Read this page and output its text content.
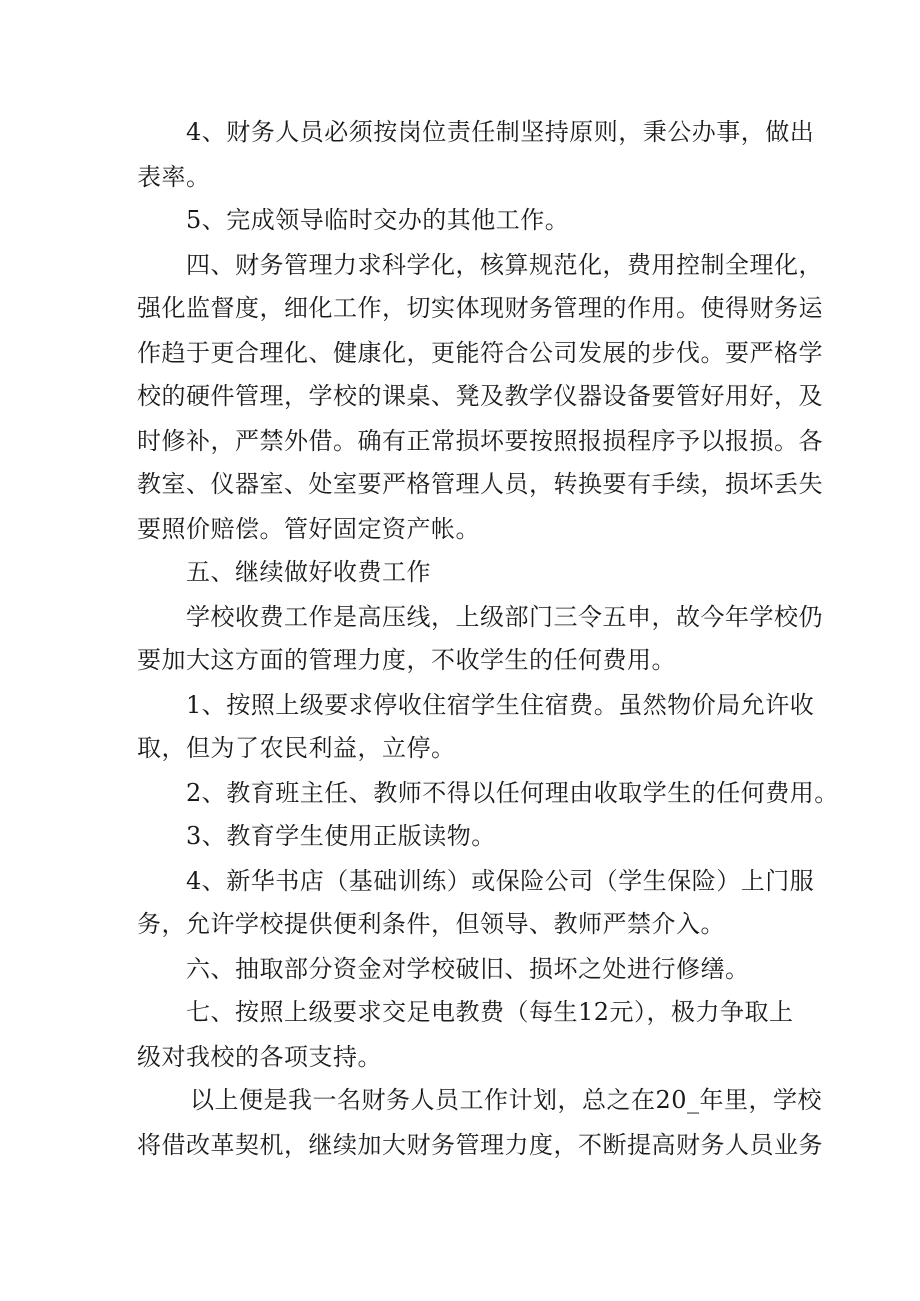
4、财务人员必须按岗位责任制坚持原则，秉公办事，做出
表率。
5、完成领导临时交办的其他工作。
四、财务管理力求科学化，核算规范化，费用控制全理化，
强化监督度，细化工作，切实体现财务管理的作用。使得财务运
作趋于更合理化、健康化，更能符合公司发展的步伐。要严格学
校的硬件管理，学校的课桌、凳及教学仪器设备要管好用好，及
时修补，严禁外借。确有正常损坏要按照报损程序予以报损。各
教室、仪器室、处室要严格管理人员，转换要有手续，损坏丢失
要照价赔偿。管好固定资产帐。
五、继续做好收费工作
学校收费工作是高压线，上级部门三令五申，故今年学校仍
要加大这方面的管理力度，不收学生的任何费用。
1、按照上级要求停收住宿学生住宿费。虽然物价局允许收
取，但为了农民利益，立停。
2、教育班主任、教师不得以任何理由收取学生的任何费用。
3、教育学生使用正版读物。
4、新华书店（基础训练）或保险公司（学生保险）上门服
务，允许学校提供便利条件，但领导、教师严禁介入。
六、抽取部分资金对学校破旧、损坏之处进行修缮。
七、按照上级要求交足电教费（每生12元），极力争取上
级对我校的各项支持。
以上便是我一名财务人员工作计划，总之在20_年里，学校
将借改革契机，继续加大财务管理力度，不断提高财务人员业务
